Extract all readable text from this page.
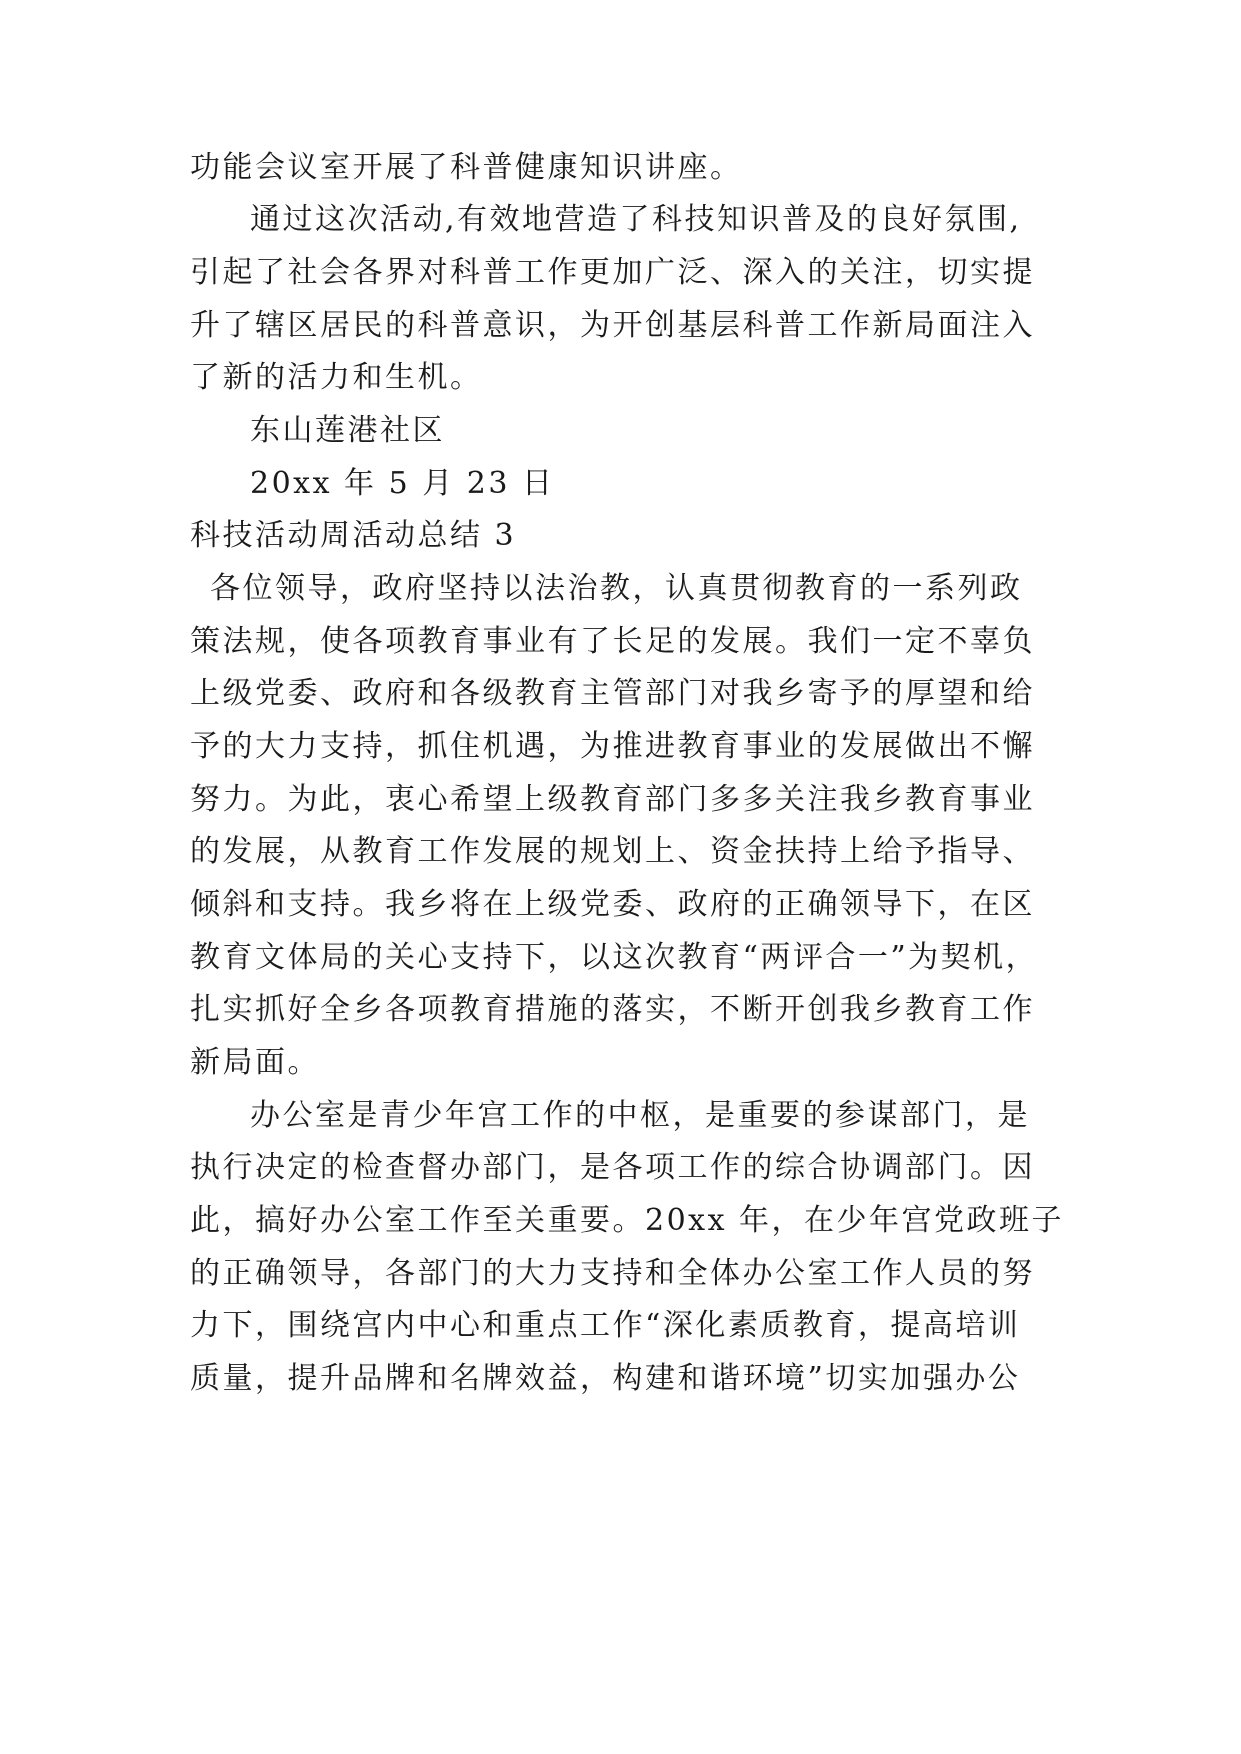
功能会议室开展了科普健康知识讲座。
通过这次活动,有效地营造了科技知识普及的良好氛围,
引起了社会各界对科普工作更加广泛、深入的关注，切实提
升了辖区居民的科普意识，为开创基层科普工作新局面注入
了新的活力和生机。
东山莲港社区
20xx 年 5 月 23 日
科技活动周活动总结 3
各位领导，政府坚持以法治教，认真贯彻教育的一系列政
策法规，使各项教育事业有了长足的发展。我们一定不辜负
上级党委、政府和各级教育主管部门对我乡寄予的厚望和给
予的大力支持，抓住机遇，为推进教育事业的发展做出不懈
努力。为此，衷心希望上级教育部门多多关注我乡教育事业
的发展，从教育工作发展的规划上、资金扶持上给予指导、
倾斜和支持。我乡将在上级党委、政府的正确领导下，在区
教育文体局的关心支持下，以这次教育“两评合一”为契机，
扎实抓好全乡各项教育措施的落实，不断开创我乡教育工作
新局面。
办公室是青少年宫工作的中枢，是重要的参谋部门，是
执行决定的检查督办部门，是各项工作的综合协调部门。因
此，搞好办公室工作至关重要。20xx 年，在少年宫党政班子
的正确领导，各部门的大力支持和全体办公室工作人员的努
力下，围绕宫内中心和重点工作“深化素质教育，提高培训
质量，提升品牌和名牌效益，构建和谐环境”切实加强办公
